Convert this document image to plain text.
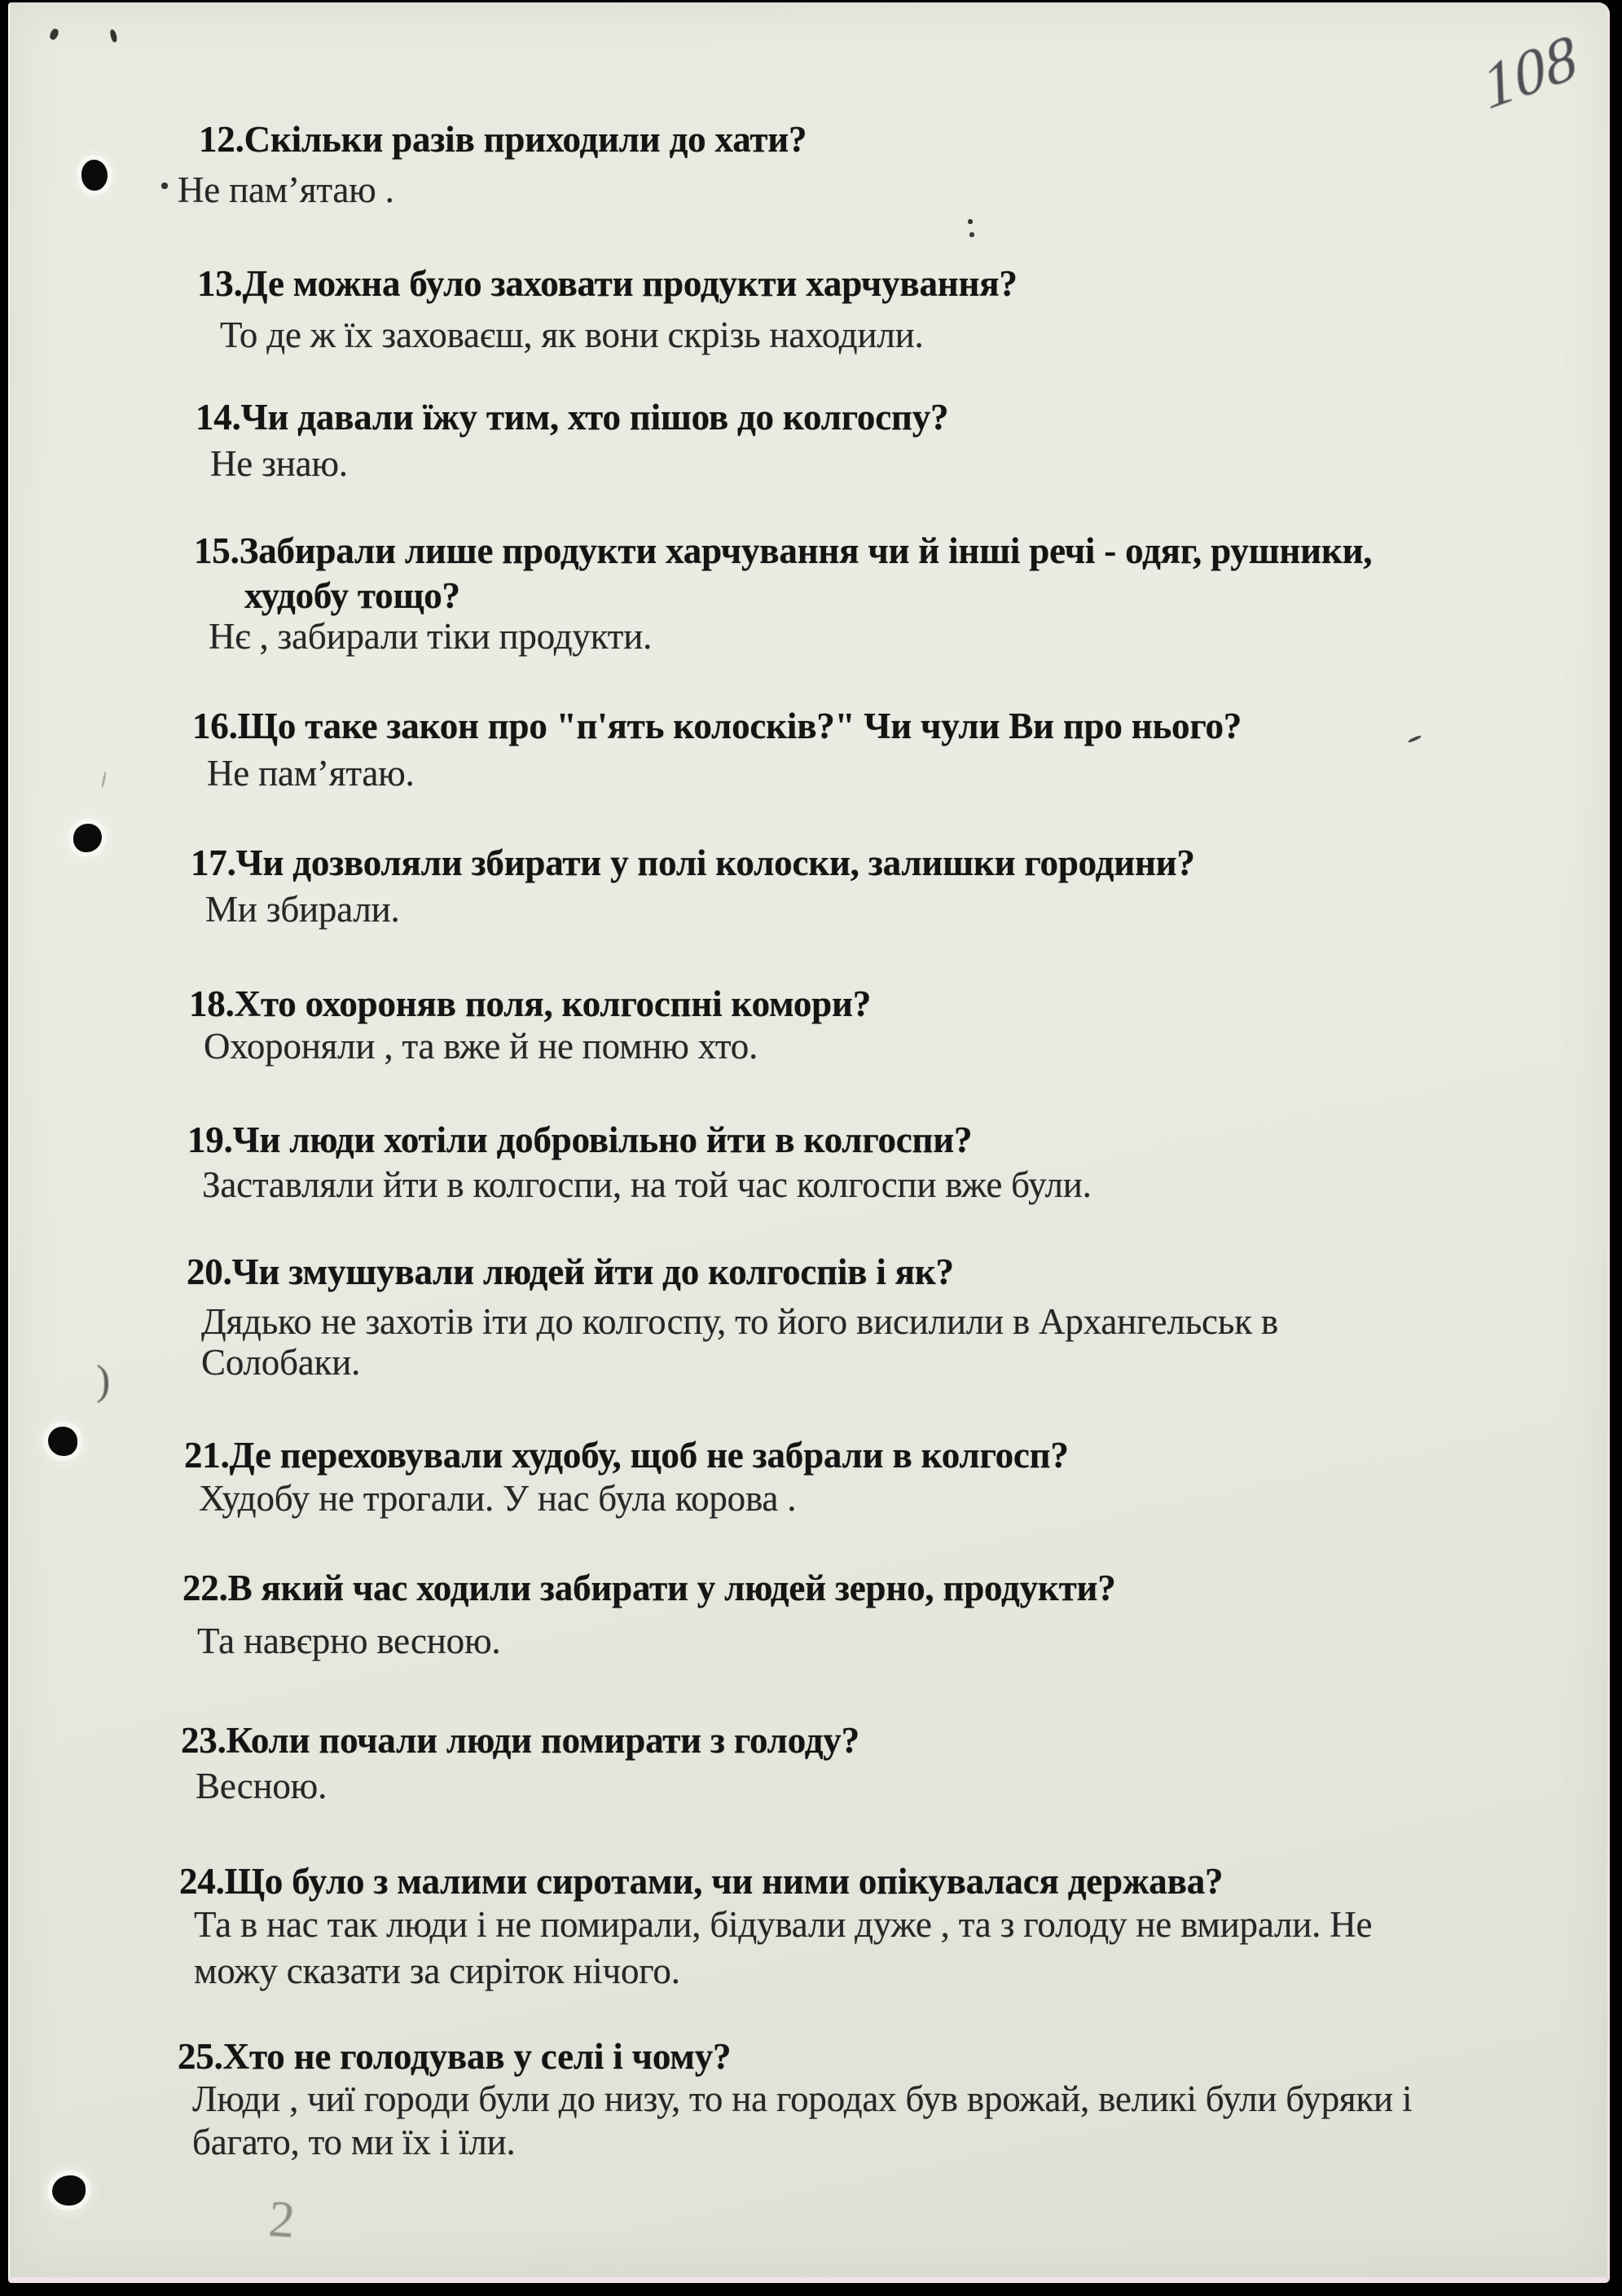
108
)
2
12.Скільки разів приходили до хати?
Не пам’ятаю .
13.Де можна було заховати продукти харчування?
То де ж їх заховаєш, як вони скрізь находили.
14.Чи давали їжу тим, хто пішов до колгоспу?
Не знаю.
15.Забирали лише продукти харчування чи й інші речі - одяг, рушники,
худобу тощо?
Нє , забирали тіки продукти.
16.Що таке закон про "п'ять колосків?" Чи чули Ви про нього?
Не пам’ятаю.
17.Чи дозволяли збирати у полі колоски, залишки городини?
Ми збирали.
18.Хто охороняв поля, колгоспні комори?
Охороняли , та вже й не помню хто.
19.Чи люди хотіли добровільно йти в колгоспи?
Заставляли йти в колгоспи, на той час колгоспи вже були.
20.Чи змушували людей йти до колгоспів і як?
Дядько не захотів іти до колгоспу, то його висилили в Архангельськ в
Солобаки.
21.Де переховували худобу, щоб не забрали в колгосп?
Худобу не трогали. У нас була корова .
22.В який час ходили забирати у людей зерно, продукти?
Та навєрно весною.
23.Коли почали люди помирати з голоду?
Весною.
24.Що було з малими сиротами, чи ними опікувалася держава?
Та в нас так люди і не помирали, бідували дуже , та з голоду не вмирали. Не
можу сказати за сиріток нічого.
25.Хто не голодував у селі і чому?
Люди , чиї городи були до низу, то на городах був врожай, великі були буряки і
багато, то ми їх і їли.
